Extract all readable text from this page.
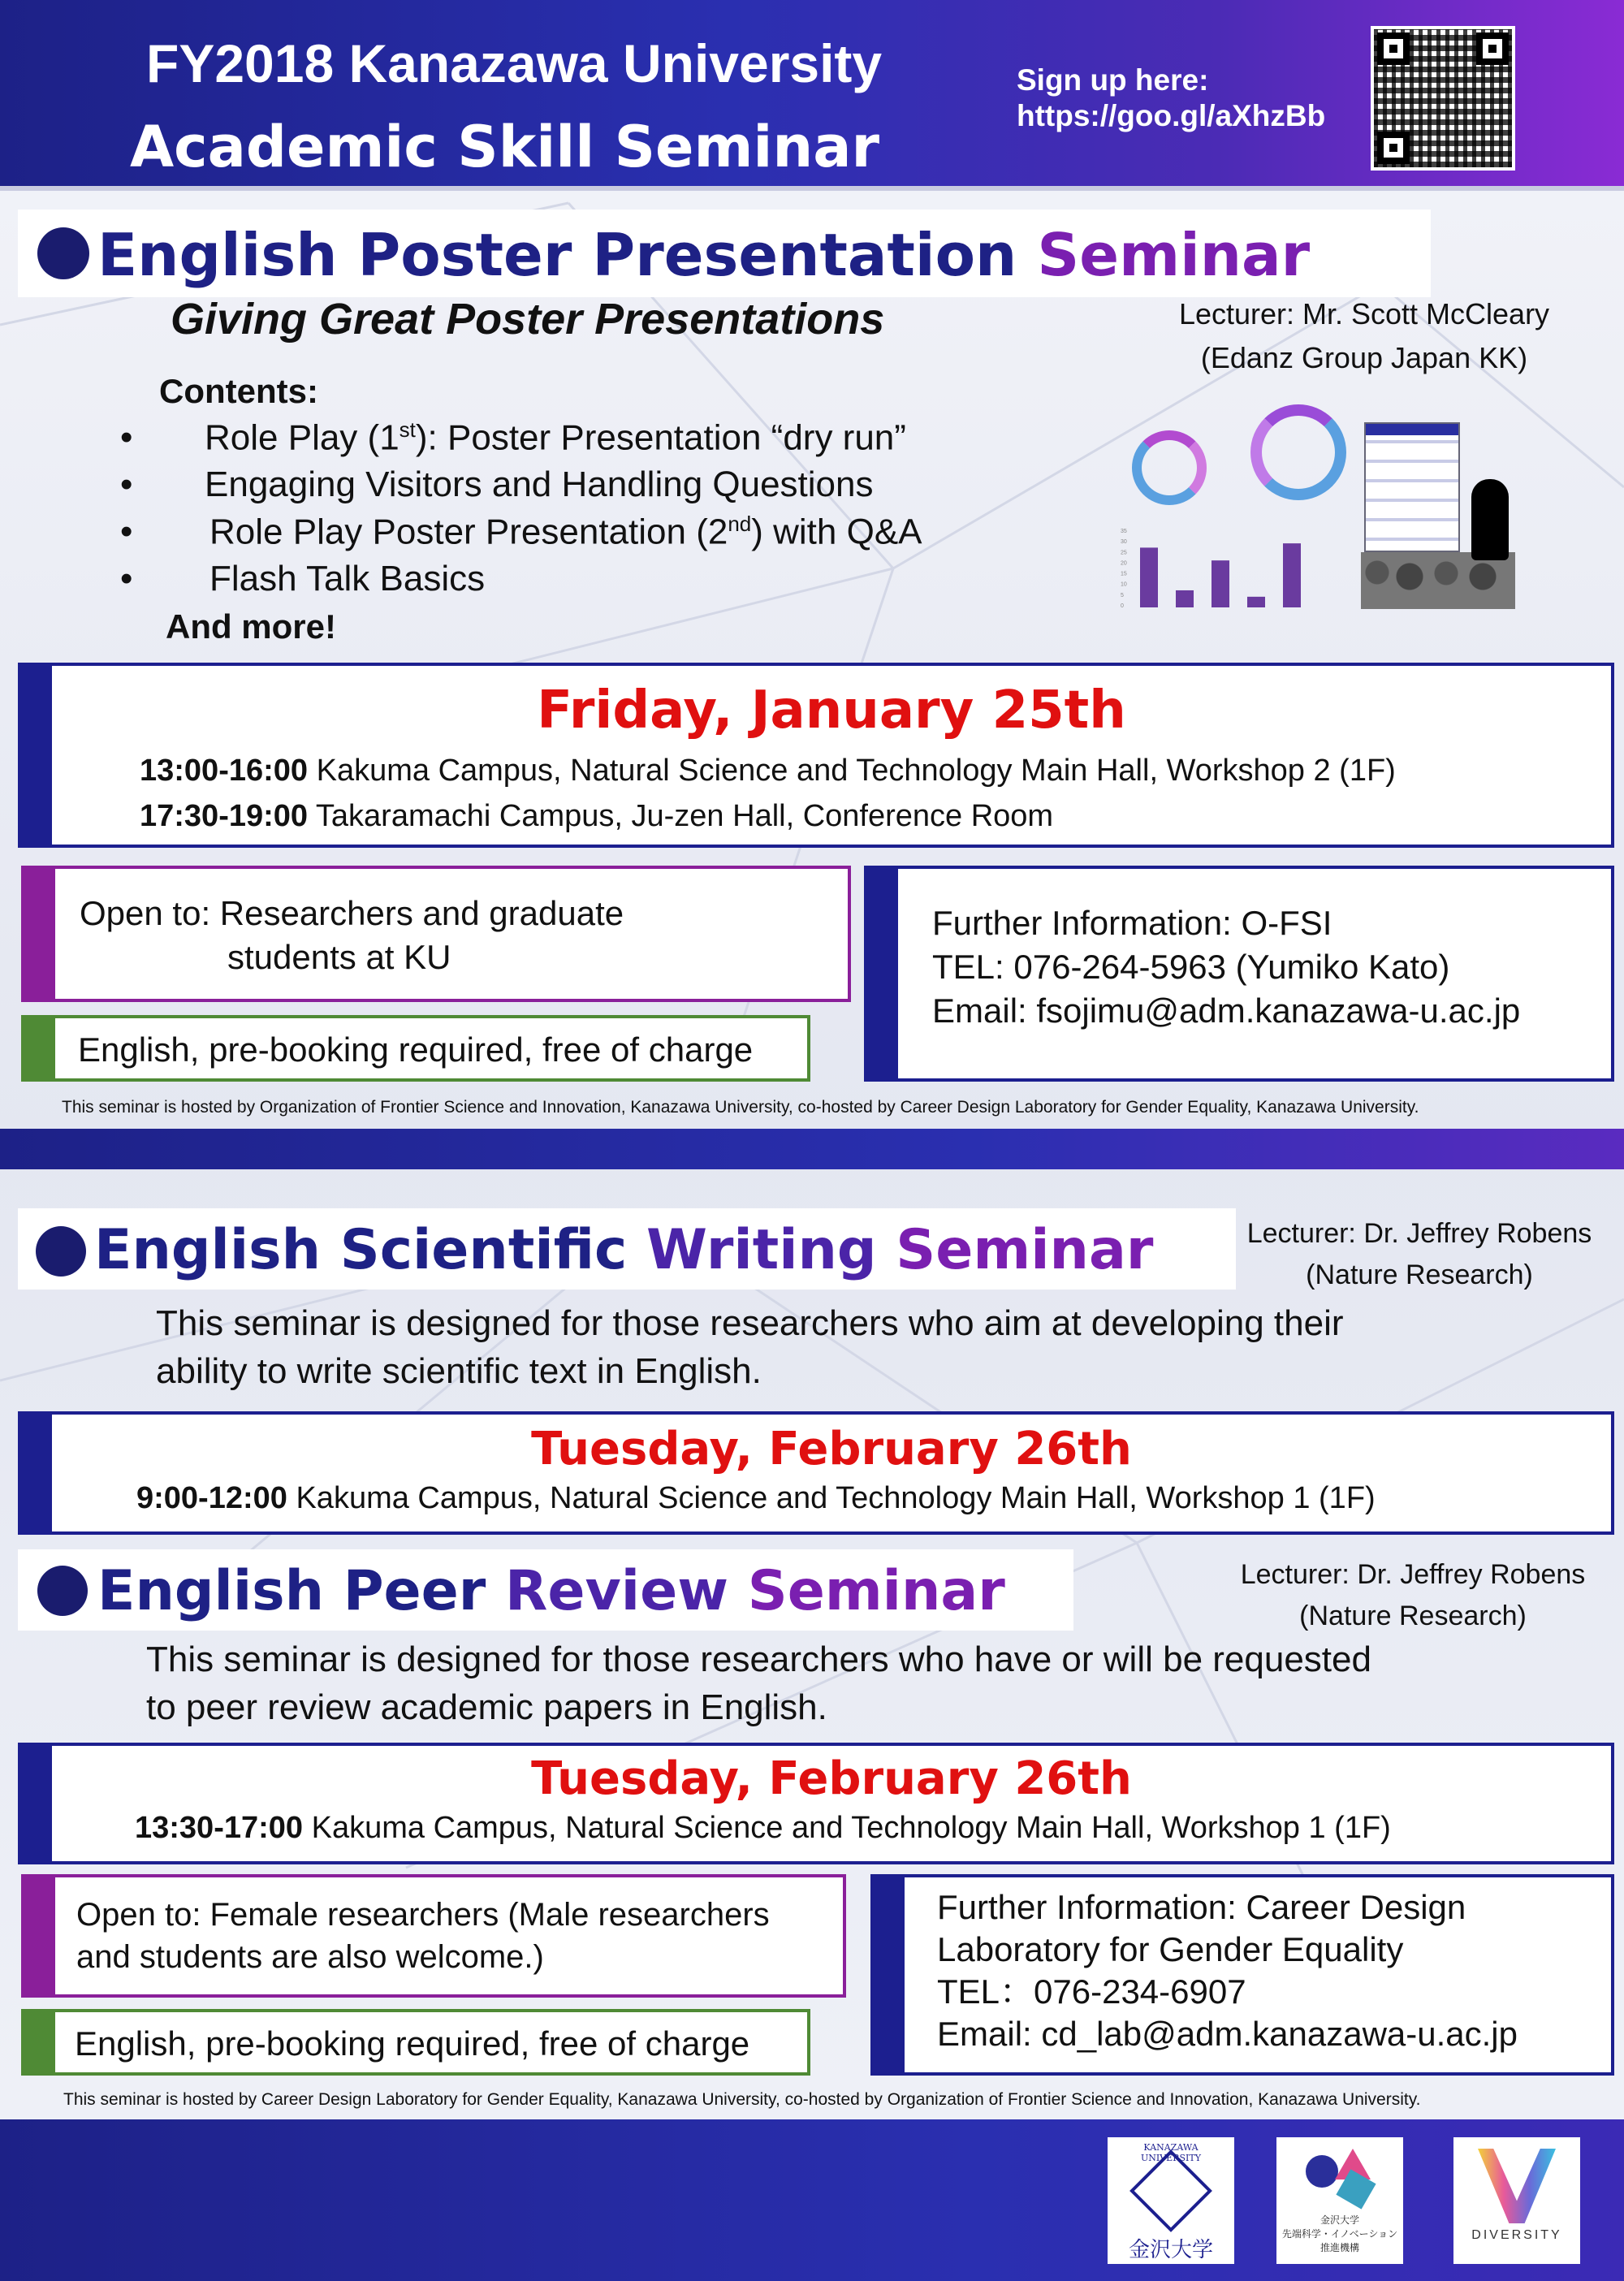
FY2018 Kanazawa University
Academic Skill Seminar
Sign up here:
https://goo.gl/aXhzBb
English Poster Presentation Seminar
Giving Great Poster Presentations	Lecturer: Mr. Scott McCleary
(Edanz Group Japan KK)
Contents:
• Role Play (1st): Poster Presentation “dry run”
• Engaging Visitors and Handling Questions
• Role Play Poster Presentation (2nd) with Q&A
• Flash Talk Basics
And more!
35
30
25
20
15
10
5
0
Friday, January 25th
13:00-16:00 Kakuma Campus, Natural Science and Technology Main Hall, Workshop 2 (1F)
17:30-19:00 Takaramachi Campus, Ju-zen Hall, Conference Room
Open to: Researchers and graduate
students at KU
English, pre-booking required, free of charge
Further Information: O-FSI
TEL: 076-264-5963 (Yumiko Kato)
Email: fsojimu@adm.kanazawa-u.ac.jp
This seminar is hosted by Organization of Frontier Science and Innovation, Kanazawa University, co-hosted by Career Design Laboratory for Gender Equality, Kanazawa University.
English Scientific Writing Seminar	Lecturer: Dr. Jeffrey Robens
(Nature Research)
This seminar is designed for those researchers who aim at developing their
ability to write scientific text in English.
Tuesday, February 26th
9:00-12:00 Kakuma Campus, Natural Science and Technology Main Hall, Workshop 1 (1F)
English Peer Review Seminar	Lecturer: Dr. Jeffrey Robens
(Nature Research)
This seminar is designed for those researchers who have or will be requested
to peer review academic papers in English.
Tuesday, February 26th
13:30-17:00 Kakuma Campus, Natural Science and Technology Main Hall, Workshop 1 (1F)
Open to: Female researchers (Male researchers
and students are also welcome.)
English, pre-booking required, free of charge
Further Information: Career Design
Laboratory for Gender Equality
TEL：076-234-6907
Email: cd_lab@adm.kanazawa-u.ac.jp
This seminar is hosted by Career Design Laboratory for Gender Equality, Kanazawa University, co-hosted by Organization of Frontier Science and Innovation, Kanazawa University.
KANAZAWA UNIVERSITY
金沢大学
金沢大学
先端科学・イノベーション
推進機構
DIVERSITY
